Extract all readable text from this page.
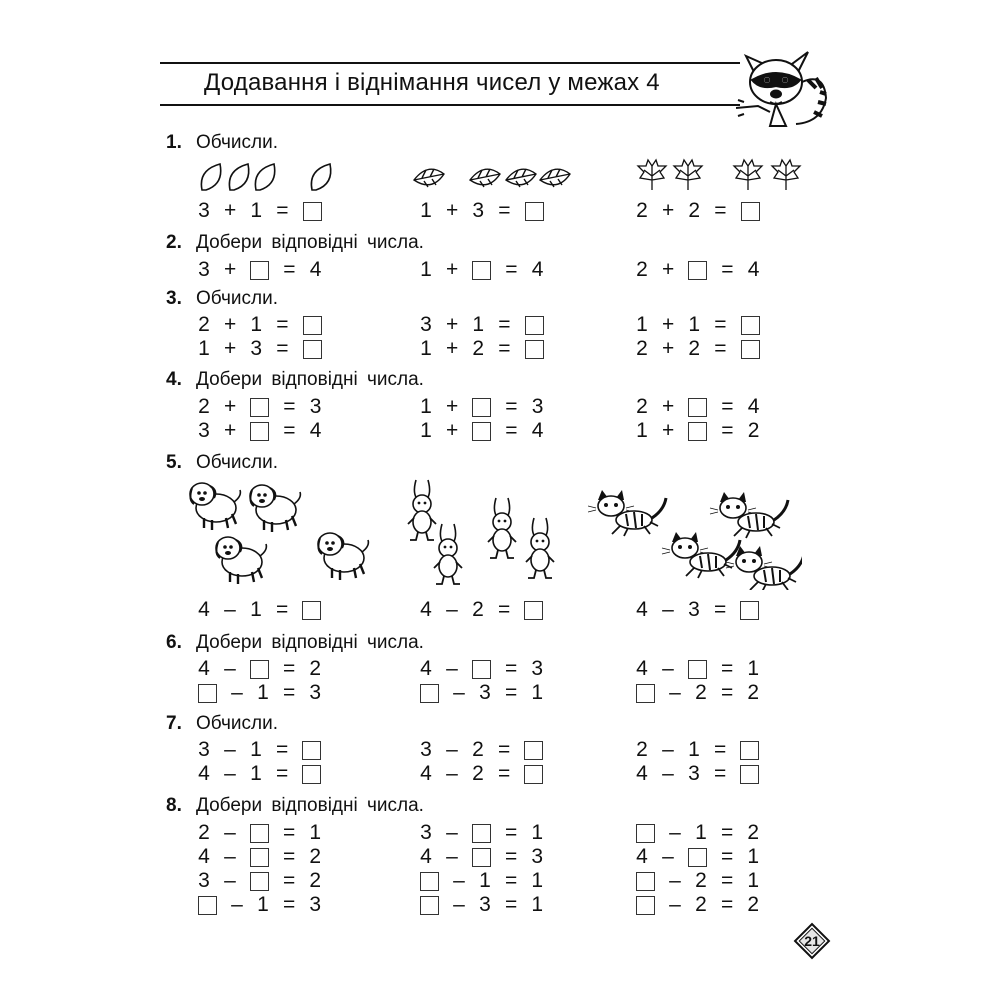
Додавання і віднімання чисел у межах 4
1. Обчисли.
2. Добери відповідні числа.
3. Обчисли.
4. Добери відповідні числа.
5. Обчисли.
6. Добери відповідні числа.
7. Обчисли.
8. Добери відповідні числа.
3 + 1 =	1 + 3 =	2 + 2 =
3 + = 4	1 + = 4	2 + = 4
2 + 1 =	3 + 1 =	1 + 1 =
1 + 3 =	1 + 2 =	2 + 2 =
2 + = 3	1 + = 3	2 + = 4
3 + = 4	1 + = 4	1 + = 2
4 – 1 =	4 – 2 =	4 – 3 =
4 – = 2	4 – = 3	4 – = 1
– 1 = 3	– 3 = 1	– 2 = 2
3 – 1 =	3 – 2 =	2 – 1 =
4 – 1 =	4 – 2 =	4 – 3 =
2 – = 1	3 – = 1	– 1 = 2
4 – = 2	4 – = 3	4 – = 1
3 – = 2	– 1 = 1	– 2 = 1
– 1 = 3	– 3 = 1	– 2 = 2
21
